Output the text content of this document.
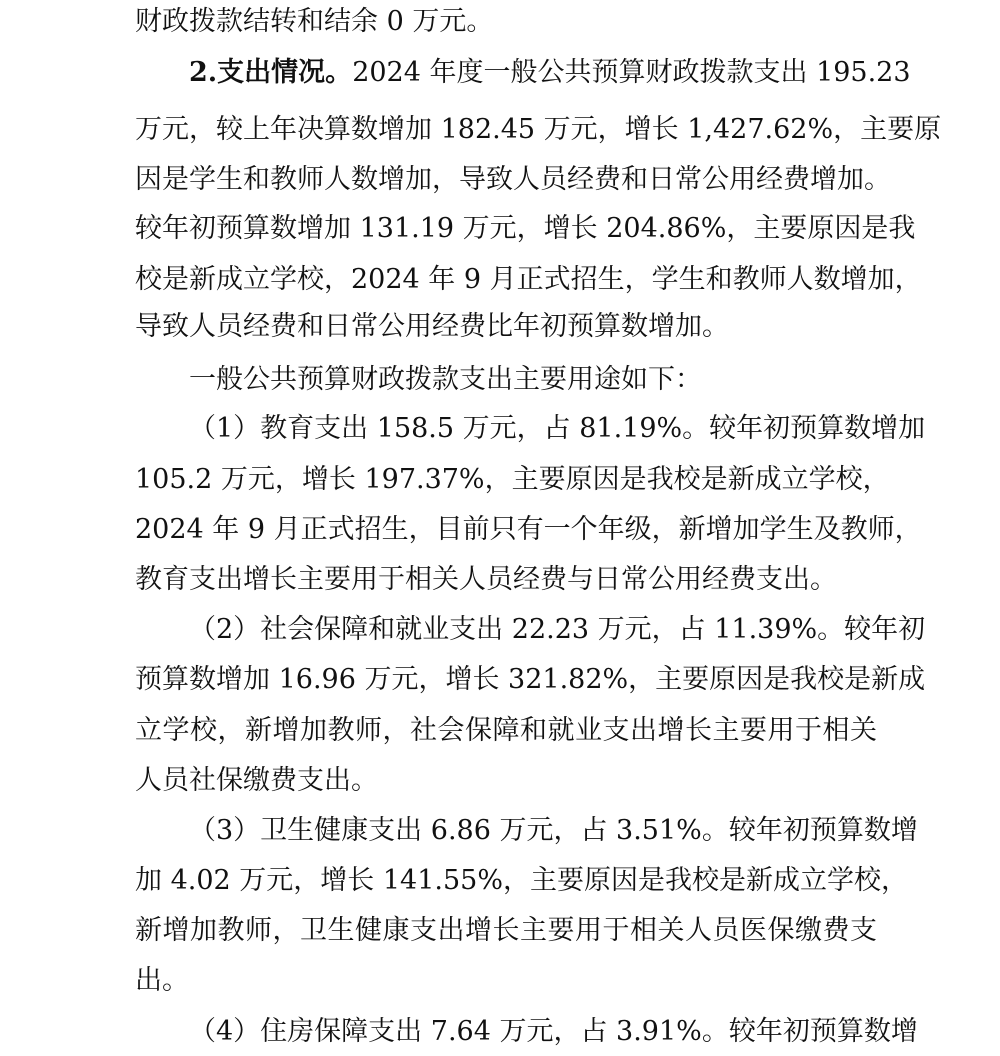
财政拨款结转和结余 0 万元。
2.支出情况。2024 年度一般公共预算财政拨款支出 195.23
万元，较上年决算数增加 182.45 万元，增长 1,427.62%，主要原
因是学生和教师人数增加，导致人员经费和日常公用经费增加。
较年初预算数增加 131.19 万元，增长 204.86%，主要原因是我
校是新成立学校，2024 年 9 月正式招生，学生和教师人数增加，
导致人员经费和日常公用经费比年初预算数增加。
一般公共预算财政拨款支出主要用途如下：
（1）教育支出 158.5 万元，占 81.19%。较年初预算数增加
105.2 万元，增长 197.37%，主要原因是我校是新成立学校，
2024 年 9 月正式招生，目前只有一个年级，新增加学生及教师，
教育支出增长主要用于相关人员经费与日常公用经费支出。
（2）社会保障和就业支出 22.23 万元，占 11.39%。较年初
预算数增加 16.96 万元，增长 321.82%，主要原因是我校是新成
立学校，新增加教师，社会保障和就业支出增长主要用于相关
人员社保缴费支出。
（3）卫生健康支出 6.86 万元，占 3.51%。较年初预算数增
加 4.02 万元，增长 141.55%，主要原因是我校是新成立学校，
新增加教师，卫生健康支出增长主要用于相关人员医保缴费支
出。
（4）住房保障支出 7.64 万元，占 3.91%。较年初预算数增
